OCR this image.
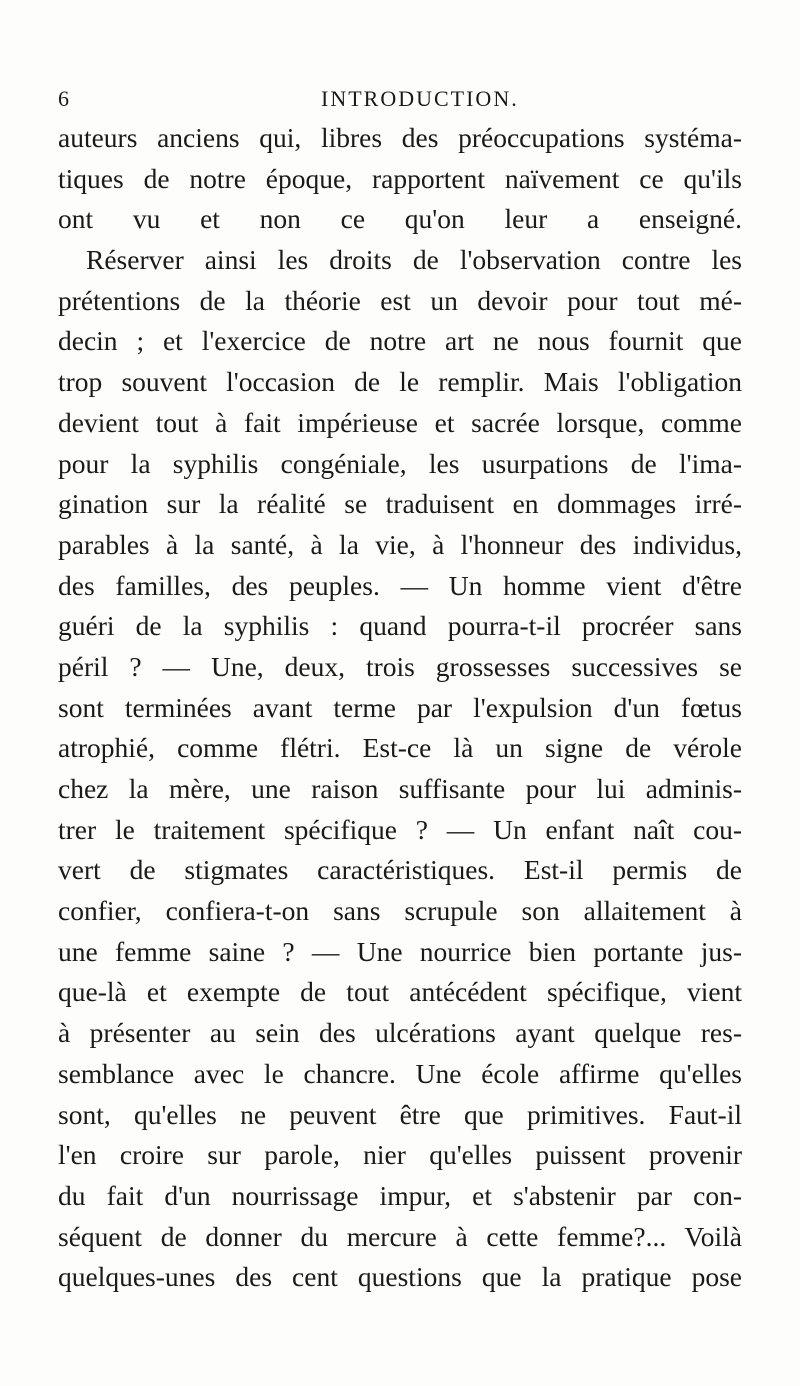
6	INTRODUCTION.
auteurs anciens qui, libres des préoccupations systéma-
tiques de notre époque, rapportent naïvement ce qu'ils
ont vu et non ce qu'on leur a enseigné.
Réserver ainsi les droits de l'observation contre les
prétentions de la théorie est un devoir pour tout mé-
decin ; et l'exercice de notre art ne nous fournit que
trop souvent l'occasion de le remplir. Mais l'obligation
devient tout à fait impérieuse et sacrée lorsque, comme
pour la syphilis congéniale, les usurpations de l'ima-
gination sur la réalité se traduisent en dommages irré-
parables à la santé, à la vie, à l'honneur des individus,
des familles, des peuples. — Un homme vient d'être
guéri de la syphilis : quand pourra-t-il procréer sans
péril ? — Une, deux, trois grossesses successives se
sont terminées avant terme par l'expulsion d'un fœtus
atrophié, comme flétri. Est-ce là un signe de vérole
chez la mère, une raison suffisante pour lui adminis-
trer le traitement spécifique ? — Un enfant naît cou-
vert de stigmates caractéristiques. Est-il permis de
confier, confiera-t-on sans scrupule son allaitement à
une femme saine ? — Une nourrice bien portante jus-
que-là et exempte de tout antécédent spécifique, vient
à présenter au sein des ulcérations ayant quelque res-
semblance avec le chancre. Une école affirme qu'elles
sont, qu'elles ne peuvent être que primitives. Faut-il
l'en croire sur parole, nier qu'elles puissent provenir
du fait d'un nourrissage impur, et s'abstenir par con-
séquent de donner du mercure à cette femme?... Voilà
quelques-unes des cent questions que la pratique pose
